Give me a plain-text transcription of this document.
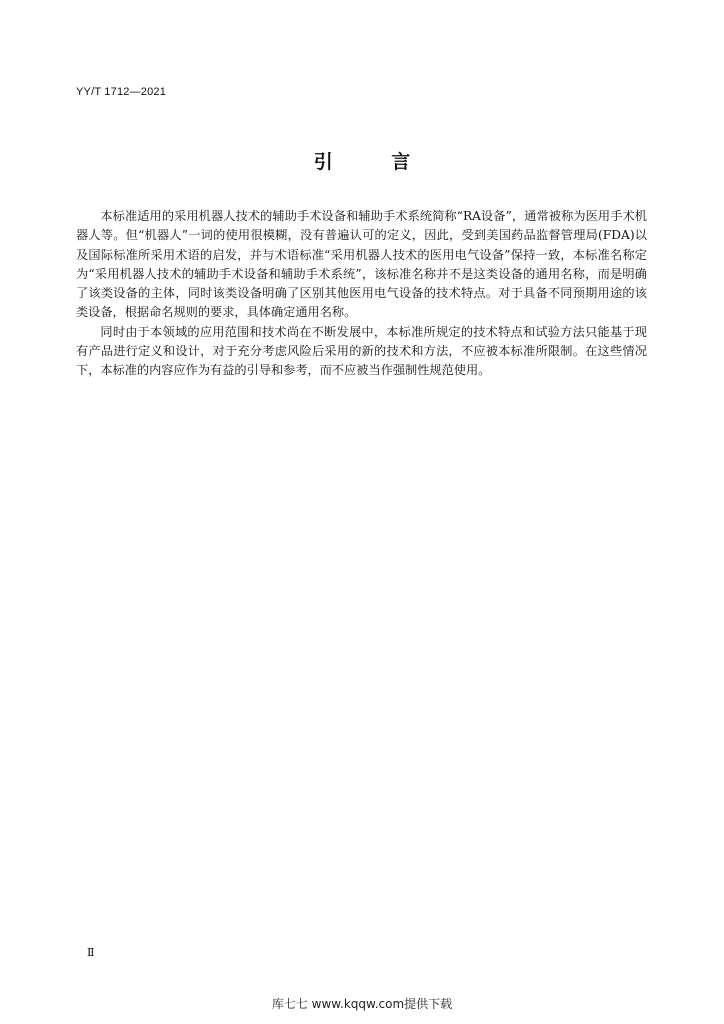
YY/T 1712—2021
引 言

本标准适用的采用机器人技术的辅助手术设备和辅助手术系统简称“RA设备”，通常被称为医用手术机器人等。但“机器人”一词的使用很模糊，没有普遍认可的定义，因此，受到美国药品监督管理局(FDA)以及国际标准所采用术语的启发，并与术语标准“采用机器人技术的医用电气设备”保持一致，本标准名称定为“采用机器人技术的辅助手术设备和辅助手术系统”，该标准名称并不是这类设备的通用名称，而是明确了该类设备的主体，同时该类设备明确了区别其他医用电气设备的技术特点。对于具备不同预期用途的该类设备，根据命名规则的要求，具体确定通用名称。

同时由于本领域的应用范围和技术尚在不断发展中，本标准所规定的技术特点和试验方法只能基于现有产品进行定义和设计，对于充分考虑风险后采用的新的技术和方法，不应被本标准所限制。在这些情况下，本标准的内容应作为有益的引导和参考，而不应被当作强制性规范使用。

Ⅱ
库七七 www.kqqw.com提供下载
